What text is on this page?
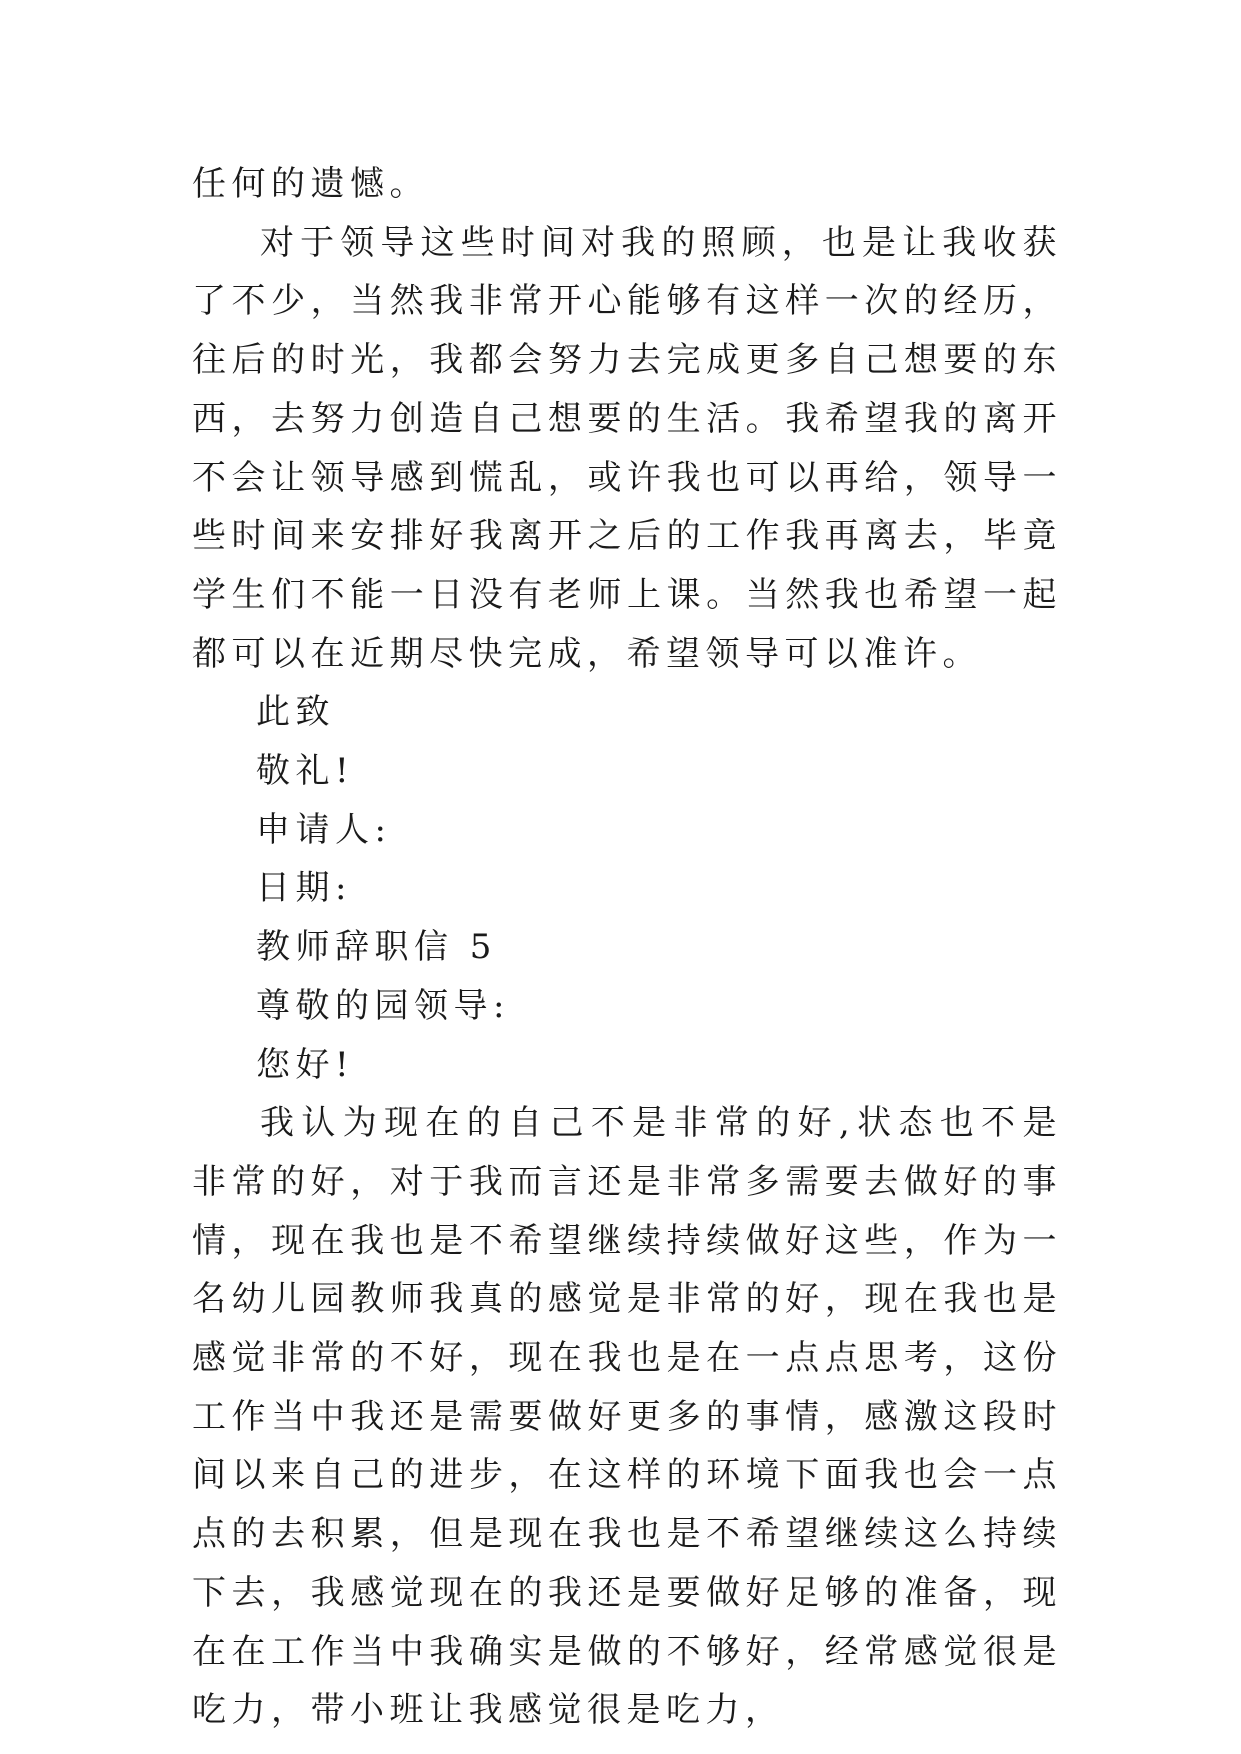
任何的遗憾。

对于领导这些时间对我的照顾，也是让我收获了不少，当然我非常开心能够有这样一次的经历，往后的时光，我都会努力去完成更多自己想要的东西，去努力创造自己想要的生活。我希望我的离开不会让领导感到慌乱，或许我也可以再给，领导一些时间来安排好我离开之后的工作我再离去，毕竟学生们不能一日没有老师上课。当然我也希望一起都可以在近期尽快完成，希望领导可以准许。

此致

敬礼!

申请人:

日期:

教师辞职信 5

尊敬的园领导:

您好!

我认为现在的自己不是非常的好,状态也不是非常的好，对于我而言还是非常多需要去做好的事情，现在我也是不希望继续持续做好这些，作为一名幼儿园教师我真的感觉是非常的好，现在我也是感觉非常的不好，现在我也是在一点点思考，这份工作当中我还是需要做好更多的事情，感激这段时间以来自己的进步，在这样的环境下面我也会一点点的去积累，但是现在我也是不希望继续这么持续下去，我感觉现在的我还是要做好足够的准备，现在在工作当中我确实是做的不够好，经常感觉很是吃力，带小班让我感觉很是吃力，
